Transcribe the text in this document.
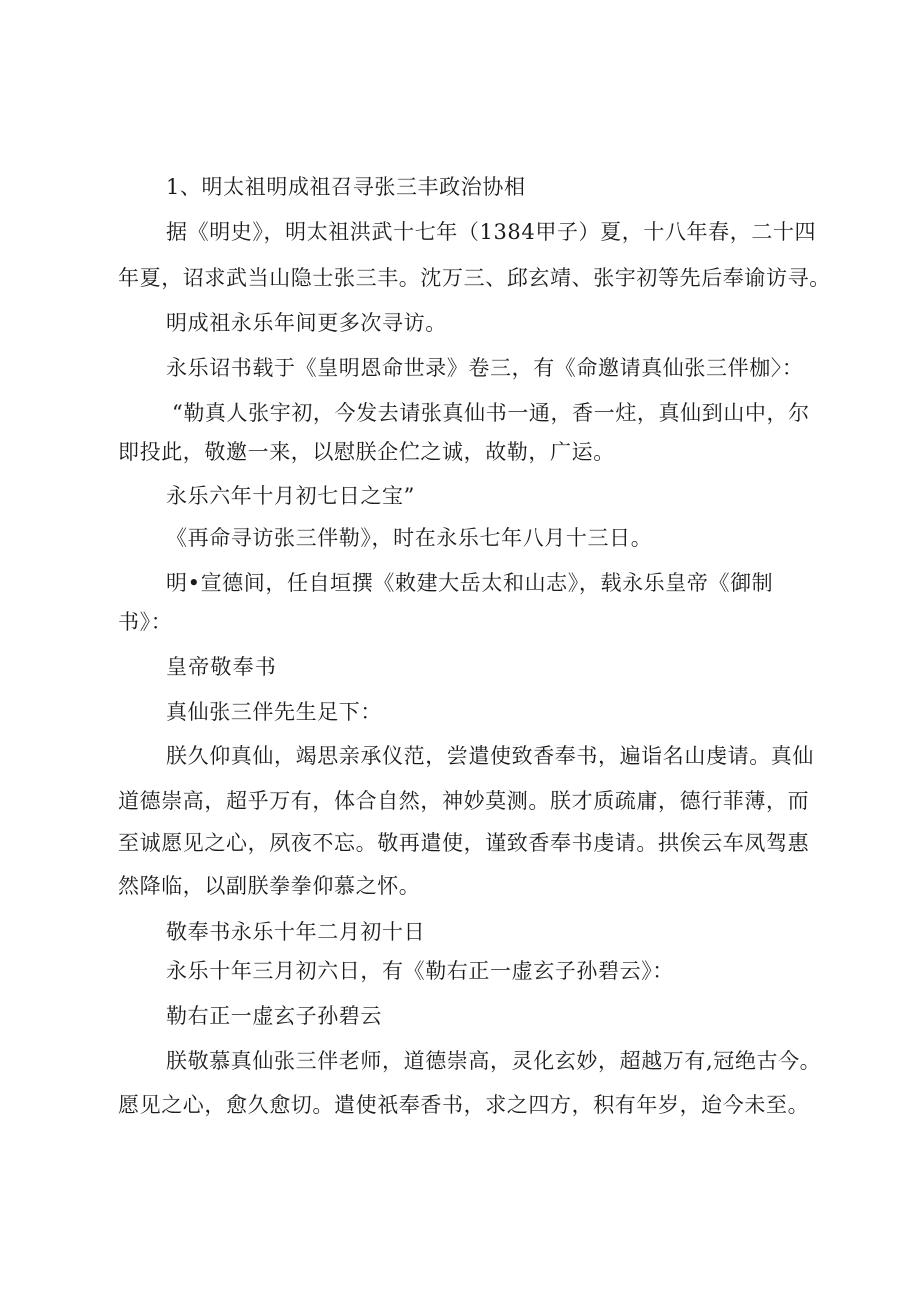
1、明太祖明成祖召寻张三丰政治协相
据《明史》，明太祖洪武十七年（1384甲子）夏，十八年春，二十四
年夏，诏求武当山隐士张三丰。沈万三、邱玄靖、张宇初等先后奉谕访寻。
明成祖永乐年间更多次寻访。
永乐诏书载于《皇明恩命世录》卷三，有《命邀请真仙张三伴枷〉：
“勒真人张宇初，今发去请张真仙书一通，香一炷，真仙到山中，尔
即投此，敬邀一来，以慰朕企伫之诚，故勒，广运。
永乐六年十月初七日之宝”
《再命寻访张三伴勒》，时在永乐七年八月十三日。
明•宣德间，任自垣撰《敕建大岳太和山志》，载永乐皇帝《御制
书》：
皇帝敬奉书
真仙张三伴先生足下：
朕久仰真仙，竭思亲承仪范，尝遣使致香奉书，遍诣名山虔请。真仙
道德崇高，超乎万有，体合自然，神妙莫测。朕才质疏庸，德行菲薄，而
至诚愿见之心，夙夜不忘。敬再遣使，谨致香奉书虔请。拱俟云车凤驾惠
然降临，以副朕拳拳仰慕之怀。
敬奉书永乐十年二月初十日
永乐十年三月初六日，有《勒右正一虚玄子孙碧云》：
勒右正一虚玄子孙碧云
朕敬慕真仙张三伴老师，道德崇高，灵化玄妙，超越万有,冠绝古今。
愿见之心，愈久愈切。遣使祇奉香书，求之四方，积有年岁，迨今未至。
